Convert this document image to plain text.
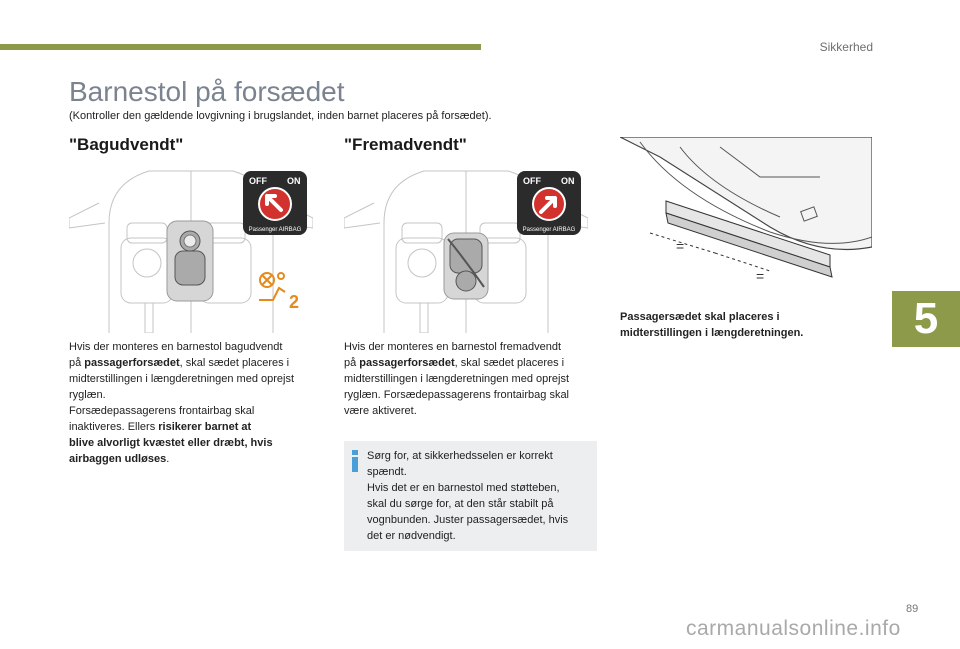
Sikkerhed
5
Barnestol på forsædet
(Kontroller den gældende lovgivning i brugslandet, inden barnet placeres på forsædet).
"Bagudvendt"
OFF ON
Passenger AIRBAG
2
Hvis der monteres en barnestol bagudvendt
på passagerforsædet, skal sædet placeres i
midterstillingen i længderetningen med oprejst
ryglæn.
Forsædepassagerens frontairbag skal
inaktiveres. Ellers risikerer barnet at
blive alvorligt kvæstet eller dræbt, hvis
airbaggen udløses.
"Fremadvendt"
OFF ON
Passenger AIRBAG
Hvis der monteres en barnestol fremadvendt
på passagerforsædet, skal sædet placeres i
midterstillingen i længderetningen med oprejst
ryglæn. Forsædepassagerens frontairbag skal
være aktiveret.
Sørg for, at sikkerhedsselen er korrekt
spændt.
Hvis det er en barnestol med støtteben,
skal du sørge for, at den står stabilt på
vognbunden. Juster passagersædet, hvis
det er nødvendigt.
=
=
Passagersædet skal placeres i
midterstillingen i længderetningen.
89
carmanualsonline.info
